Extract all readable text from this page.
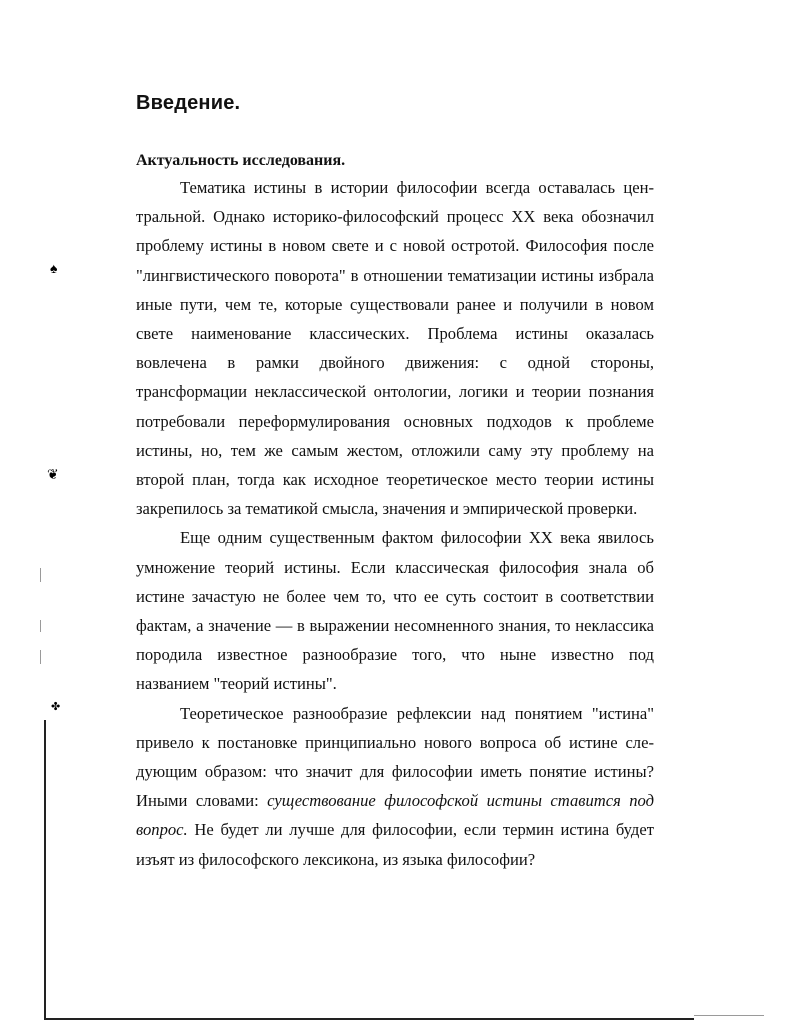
Введение.
Актуальность исследования.

Тематика истины в истории философии всегда оставалась центральной. Однако историко-философский процесс XX века обозначил проблему истины в новом свете и с новой остротой. Философия после "лингвистического поворота" в отношении тематизации истины избрала иные пути, чем те, которые существовали ранее и получили в новом свете наименование классических. Проблема истины оказалась вовлечена в рамки двойного движения: с одной стороны, трансформации неклассической онтологии, логики и теории познания потребовали переформулирования основных подходов к проблеме истины, но, тем же самым жестом, отложили саму эту проблему на второй план, тогда как исходное теоретическое место теории истины закрепилось за тематикой смысла, значения и эмпирической проверки.

Еще одним существенным фактом философии XX века явилось умножение теорий истины. Если классическая философия знала об истине зачастую не более чем то, что ее суть состоит в соответствии фактам, а значение — в выражении несомненного знания, то неклассика породила известное разнообразие того, что ныне известно под названием "теорий истины".

Теоретическое разнообразие рефлексии над понятием "истина" привело к постановке принципиально нового вопроса об истине следующим образом: что значит для философии иметь понятие истины? Иными словами: существование философской истины ставится под вопрос. Не будет ли лучше для философии, если термин истина будет изъят из философского лексикона, из языка философии?

♠
❦
✤
